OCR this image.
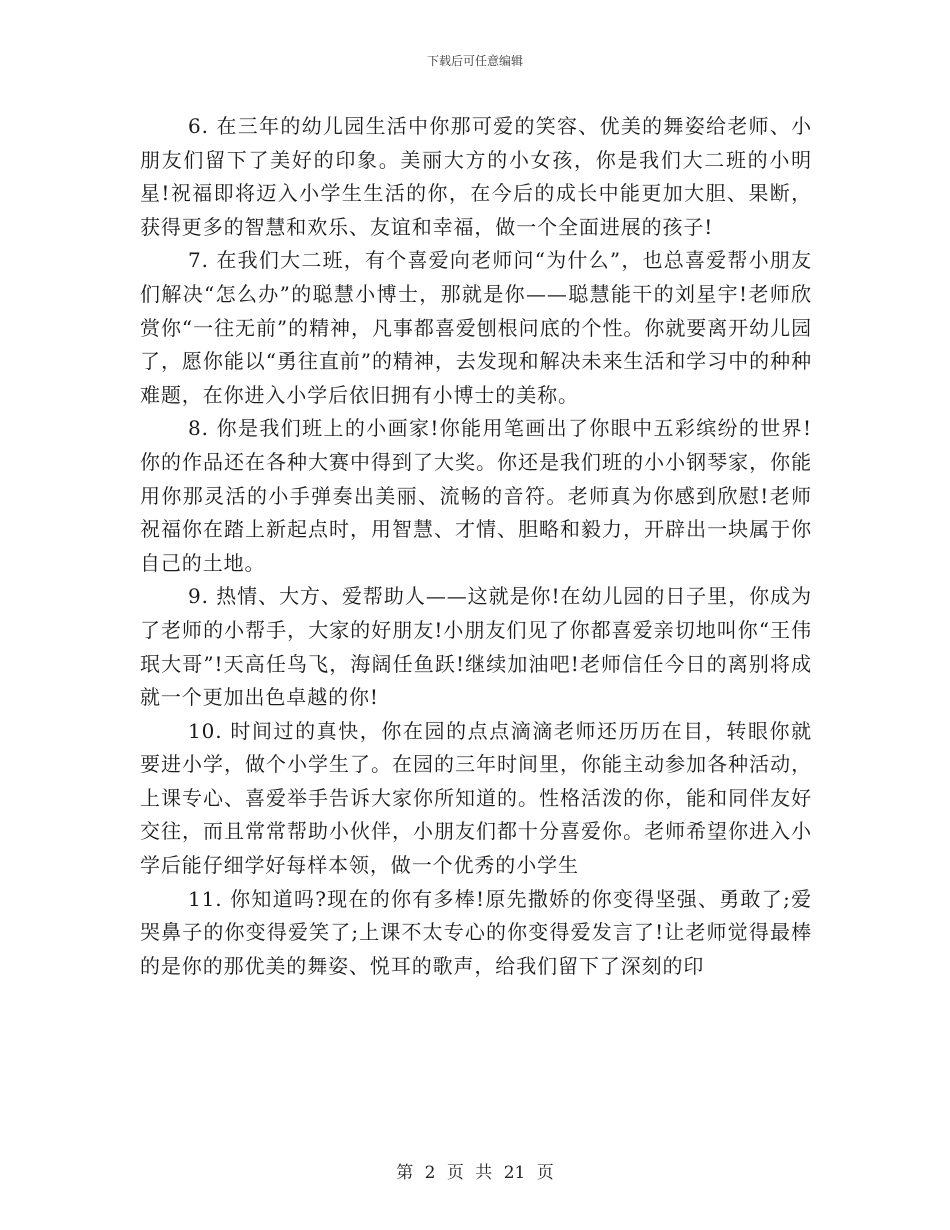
下载后可任意编辑

6. 在三年的幼儿园生活中你那可爱的笑容、优美的舞姿给老师、小朋友们留下了美好的印象。美丽大方的小女孩，你是我们大二班的小明星!祝福即将迈入小学生生活的你，在今后的成长中能更加大胆、果断，获得更多的智慧和欢乐、友谊和幸福，做一个全面进展的孩子!

7. 在我们大二班，有个喜爱向老师问“为什么”，也总喜爱帮小朋友们解决“怎么办”的聪慧小博士，那就是你——聪慧能干的刘星宇!老师欣赏你“一往无前”的精神，凡事都喜爱刨根问底的个性。你就要离开幼儿园了，愿你能以“勇往直前”的精神，去发现和解决未来生活和学习中的种种难题，在你进入小学后依旧拥有小博士的美称。

8. 你是我们班上的小画家!你能用笔画出了你眼中五彩缤纷的世界!你的作品还在各种大赛中得到了大奖。你还是我们班的小小钢琴家，你能用你那灵活的小手弹奏出美丽、流畅的音符。老师真为你感到欣慰!老师祝福你在踏上新起点时，用智慧、才情、胆略和毅力，开辟出一块属于你自己的土地。

9. 热情、大方、爱帮助人——这就是你!在幼儿园的日子里，你成为了老师的小帮手，大家的好朋友!小朋友们见了你都喜爱亲切地叫你“王伟珉大哥”!天高任鸟飞，海阔任鱼跃!继续加油吧!老师信任今日的离别将成就一个更加出色卓越的你!

10. 时间过的真快，你在园的点点滴滴老师还历历在目，转眼你就要进小学，做个小学生了。在园的三年时间里，你能主动参加各种活动，上课专心、喜爱举手告诉大家你所知道的。性格活泼的你，能和同伴友好交往，而且常常帮助小伙伴，小朋友们都十分喜爱你。老师希望你进入小学后能仔细学好每样本领，做一个优秀的小学生

11. 你知道吗?现在的你有多棒!原先撒娇的你变得坚强、勇敢了;爱哭鼻子的你变得爱笑了;上课不太专心的你变得爱发言了!让老师觉得最棒的是你的那优美的舞姿、悦耳的歌声，给我们留下了深刻的印

第 2 页 共 21 页
